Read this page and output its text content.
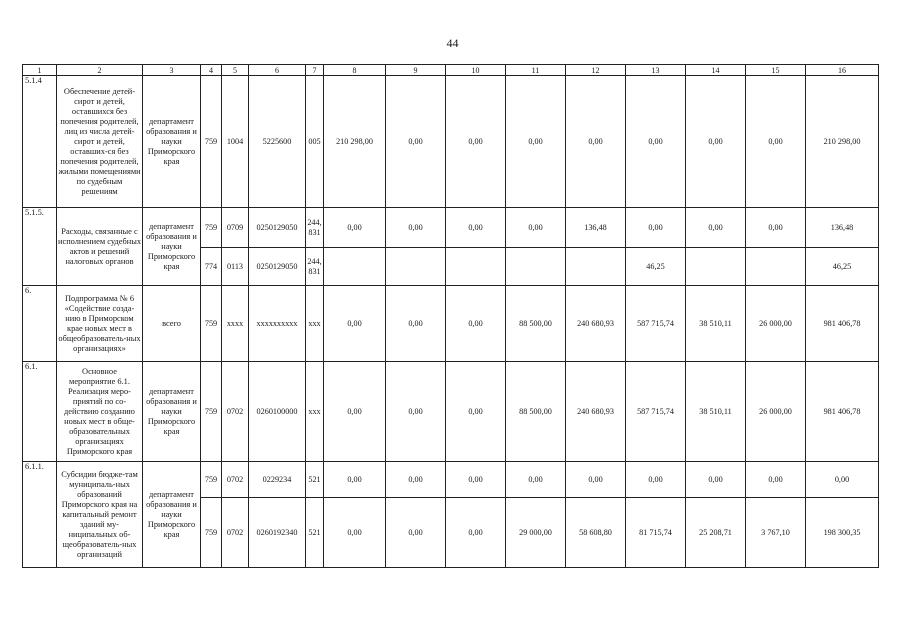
44
1	2	3	4	5	6	7	8	9	10	11	12	13	14	15	16
5.1.4	Обеспечение детей-сирот и детей, оставшихся без попечения родителей, лиц из числа детей-сирот и детей, оставших-ся без попечения родителей, жилыми помещениями по судебным решениям	департамент образования и науки Приморского края	759	1004	5225600	005	210 298,00	0,00	0,00	0,00	0,00	0,00	0,00	0,00	210 298,00
5.1.5.	Расходы, связанные с исполнением судебных актов и решений налоговых органов	департамент образования и науки Приморского края	759	0709	0250129050	244, 831	0,00	0,00	0,00	0,00	136,48	0,00	0,00	0,00	136,48
			774	0113	0250129050	244, 831						46,25			46,25
6.	Подпрограмма № 6 «Содействие созда-нию в Приморском крае новых мест в общеобразователь-ных организациях»	всего	759	хххх	хххххххххх	ххх	0,00	0,00	0,00	88 500,00	240 680,93	587 715,74	38 510,11	26 000,00	981 406,78
6.1.	Основное мероприятие 6.1. Реализация меро-приятий по со-действию созданию новых мест в обще-образовательных организациях Приморского края	департамент образования и науки Приморского края	759	0702	0260100000	ххх	0,00	0,00	0,00	88 500,00	240 680,93	587 715,74	38 510,11	26 000,00	981 406,78
6.1.1.	Субсидии бюдже-там муниципаль-ных образований Приморского края на капитальный ремонт зданий му-ниципальных об-щеобразователь-ных организаций	департамент образования и науки Приморского края	759	0702	0229234	521	0,00	0,00	0,00	0,00	0,00	0,00	0,00	0,00	0,00
			759	0702	0260192340	521	0,00	0,00	0,00	29 000,00	58 608,80	81 715,74	25 208,71	3 767,10	198 300,35
